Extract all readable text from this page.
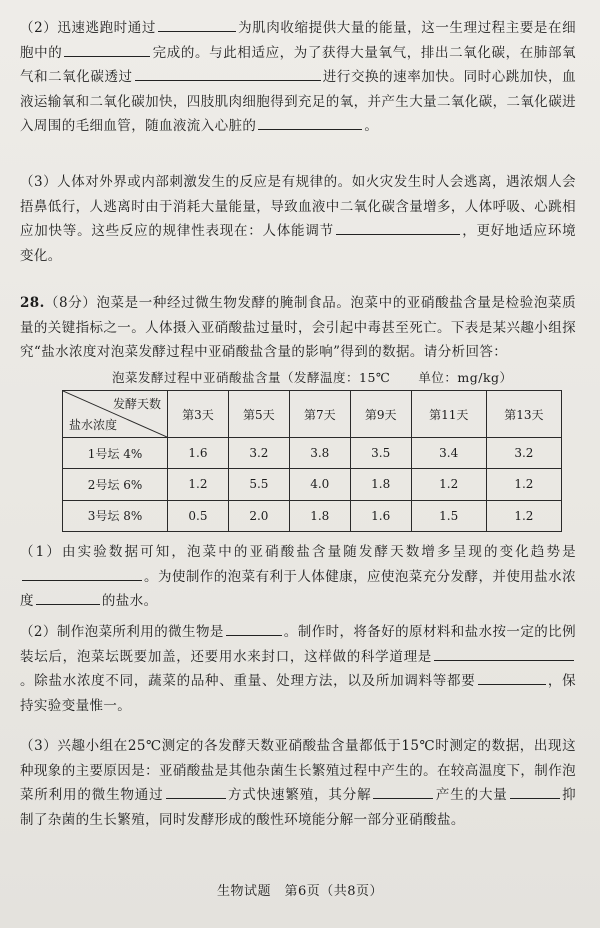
（2）迅速逃跑时通过	为肌肉收缩提供大量的能量，这一生理过程主要是在细胞中的	完成的。与此相适应，为了获得大量氧气，排出二氧化碳，在肺部氧气和二氧化碳透过	进行交换的速率加快。同时心跳加快，血液运输氧和二氧化碳加快，四肢肌肉细胞得到充足的氧，并产生大量二氧化碳，二氧化碳进入周围的毛细血管，随血液流入心脏的	。
（3）人体对外界或内部刺激发生的反应是有规律的。如火灾发生时人会逃离，遇浓烟人会捂鼻低行，人逃离时由于消耗大量能量，导致血液中二氧化碳含量增多，人体呼吸、心跳相应加快等。这些反应的规律性表现在：人体能调节	，更好地适应环境变化。
28.（8分）泡菜是一种经过微生物发酵的腌制食品。泡菜中的亚硝酸盐含量是检验泡菜质量的关键指标之一。人体摄入亚硝酸盐过量时，会引起中毒甚至死亡。下表是某兴趣小组探究“盐水浓度对泡菜发酵过程中亚硝酸盐含量的影响”得到的数据。请分析回答：
泡菜发酵过程中亚硝酸盐含量（发酵温度：15℃ 单位：mg/kg）
发酵天数
盐水浓度	第3天	第5天	第7天	第9天	第11天	第13天
1号坛 4%	1.6	3.2	3.8	3.5	3.4	3.2
2号坛 6%	1.2	5.5	4.0	1.8	1.2	1.2
3号坛 8%	0.5	2.0	1.8	1.6	1.5	1.2
（1）由实验数据可知，泡菜中的亚硝酸盐含量随发酵天数增多呈现的变化趋势是。为使制作的泡菜有利于人体健康，应使泡菜充分发酵，并使用盐水浓度	的盐水。
（2）制作泡菜所利用的微生物是	。制作时，将备好的原材料和盐水按一定的比例装坛后，泡菜坛既要加盖，还要用水来封口，这样做的科学道理是。除盐水浓度不同，蔬菜的品种、重量、处理方法，以及所加调料等都要	，保持实验变量惟一。
（3）兴趣小组在25℃测定的各发酵天数亚硝酸盐含量都低于15℃时测定的数据，出现这种现象的主要原因是：亚硝酸盐是其他杂菌生长繁殖过程中产生的。在较高温度下，制作泡菜所利用的微生物通过	方式快速繁殖，其分解	产生的大量	抑制了杂菌的生长繁殖，同时发酵形成的酸性环境能分解一部分亚硝酸盐。
生物试题　第6页（共8页）
